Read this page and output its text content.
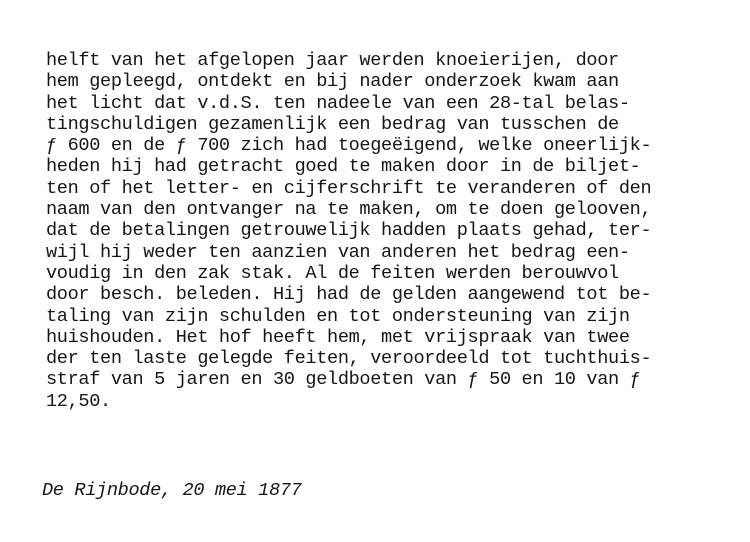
helft van het afgelopen jaar werden knoeierijen, door
hem gepleegd, ontdekt en bij nader onderzoek kwam aan
het licht dat v.d.S. ten nadeele van een 28-tal belas-
tingschuldigen gezamenlijk een bedrag van tusschen de
ƒ 600 en de ƒ 700 zich had toegeëigend, welke oneerlijk-
heden hij had getracht goed te maken door in de biljet-
ten of het letter- en cijferschrift te veranderen of den
naam van den ontvanger na te maken, om te doen gelooven,
dat de betalingen getrouwelijk hadden plaats gehad, ter-
wijl hij weder ten aanzien van anderen het bedrag een-
voudig in den zak stak. Al de feiten werden berouwvol
door besch. beleden. Hij had de gelden aangewend tot be-
taling van zijn schulden en tot ondersteuning van zijn
huishouden. Het hof heeft hem, met vrijspraak van twee
der ten laste gelegde feiten, veroordeeld tot tuchthuis-
straf van 5 jaren en 30 geldboeten van ƒ 50 en 10 van ƒ
12,50.
De Rijnbode, 20 mei 1877
